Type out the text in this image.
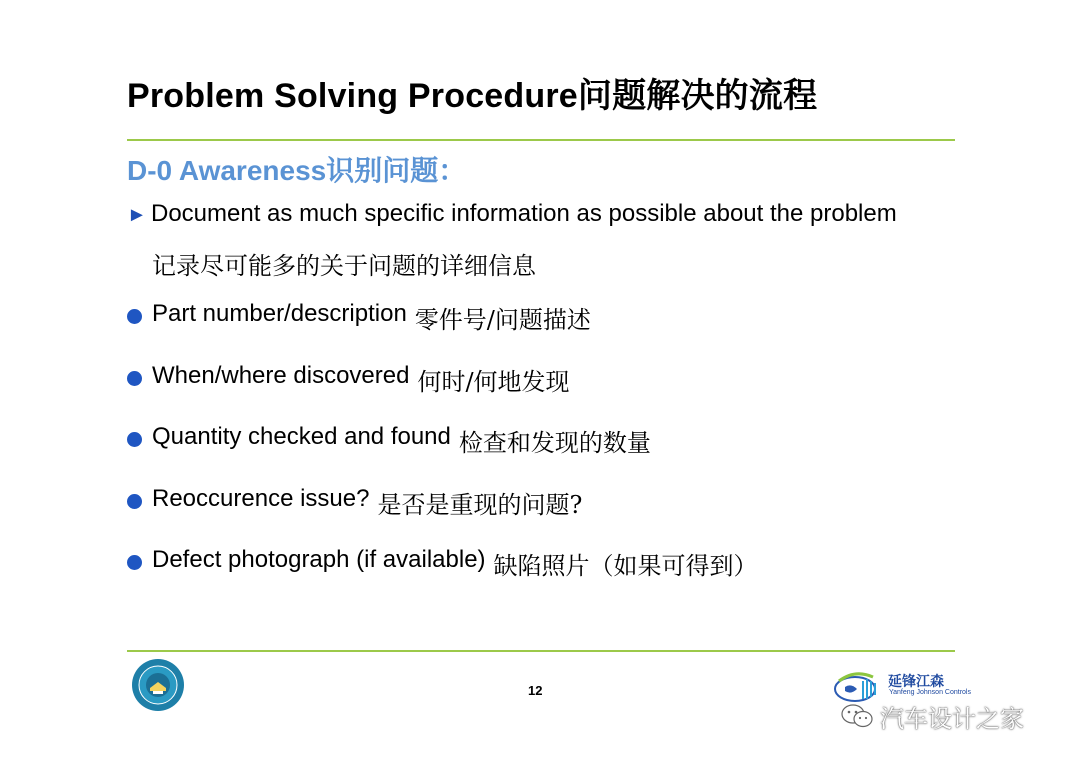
Problem Solving Procedure问题解决的流程
D-0 Awareness识别问题：
► Document as much specific information as possible about the problem
记录尽可能多的关于问题的详细信息
Part number/description 零件号/问题描述
When/where discovered 何时/何地发现
Quantity checked and found 检查和发现的数量
Reoccurence issue? 是否是重现的问题?
Defect photograph (if available) 缺陷照片（如果可得到）
12
延锋江森
Yanfeng Johnson Controls
汽车设计之家
